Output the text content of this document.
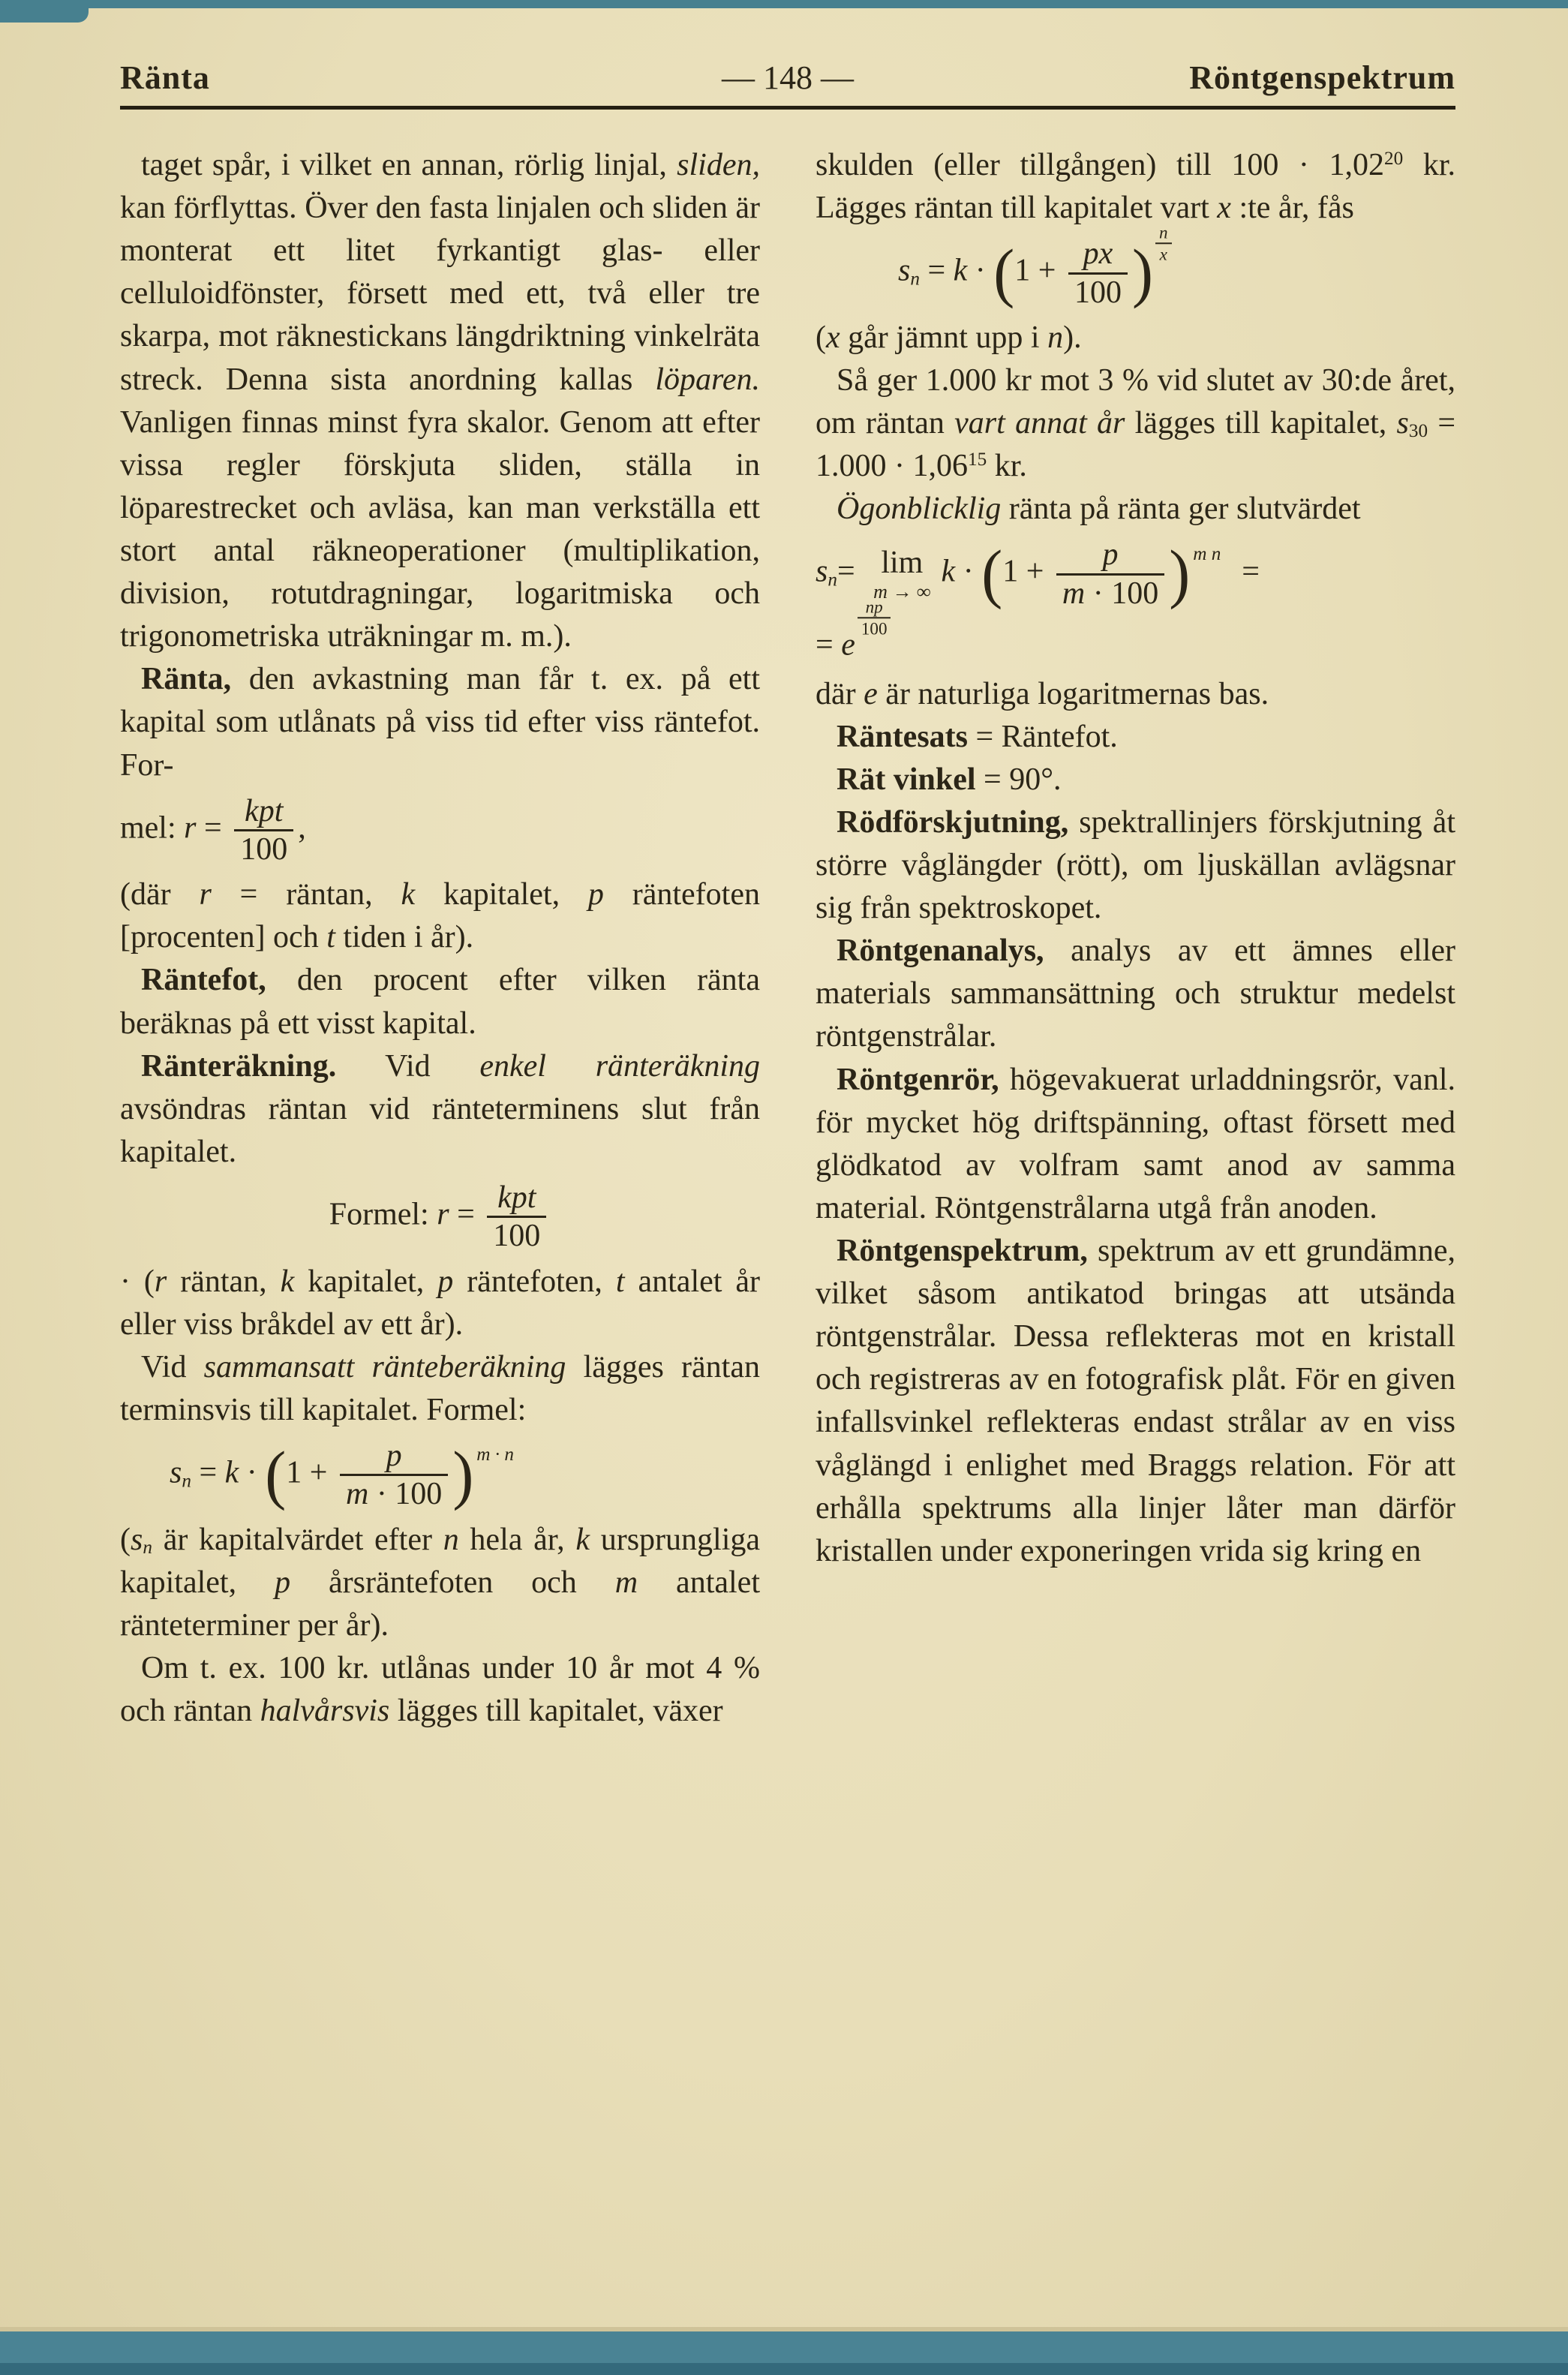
Ränta	— 148 —	Röntgenspektrum

taget spår, i vilket en annan, rörlig linjal, sliden, kan förflyttas. Över den fasta linjalen och sliden är monterat ett litet fyrkantigt glas- eller celluloidfönster, försett med ett, två eller tre skarpa, mot räknestickans längdriktning vinkelräta streck. Denna sista anordning kallas löparen. Vanligen finnas minst fyra skalor. Genom att efter vissa regler förskjuta sliden, ställa in löparestrecket och avläsa, kan man verkställa ett stort antal räkneoperationer (multiplikation, division, rotutdragningar, logaritmiska och trigonometriska uträkningar m. m.).

Ränta, den avkastning man får t. ex. på ett kapital som utlånats på viss tid efter viss räntefot. For-

mel: $r = \frac{\text{kpt}}{100}$ ,

(där r = räntan, k kapitalet, p räntefoten [procenten] och t tiden i år).

Räntefot, den procent efter vilken ränta beräknas på ett visst kapital.

Ränteräkning. Vid enkel ränteräkning avsöndras räntan vid ränteterminens slut från kapitalet.

Formel: $r = \frac{\text{kpt}}{100}$

· (r räntan, k kapitalet, p räntefoten, t antalet år eller viss bråkdel av ett år).

Vid sammansatt ränteberäkning lägges räntan terminsvis till kapitalet. Formel:

sn = $k \cdot (1 + \frac{p}{m \cdot 100}$ ) m · n

(sn är kapitalvärdet efter n hela år, k ursprungliga kapitalet, p årsräntefoten och m antalet ränteterminer per år).

Om t. ex. 100 kr. utlånas under 10 år mot 4 % och räntan halvårsvis lägges till kapitalet, växer

skulden (eller tillgången) till $100 \cdot 1,02^{20}$ kr. Lägges räntan till kapitalet vart x :te år, fås

sn = $k \cdot (1 + \frac{px}{100}$ ) $\frac{n}{x}$

(x går jämnt upp i n).

Så ger 1.000 kr mot 3 % vid slutet av 30:de året, om räntan vart annat år lägges till kapitalet, $s_{30} = 1.000 \cdot 1,06^{15}$ kr.

Ögonblicklig ränta på ränta ger slutvärdet

sn= lim
m → ∞
$k \cdot (1 + \frac{p}{m \cdot 100}$ ) m n=
= e
$\frac{np}{100}$

där e är naturliga logaritmernas bas.

Räntesats = Räntefot.

Rät vinkel = 90°.

Rödförskjutning, spektrallinjers förskjutning åt större våglängder (rött), om ljuskällan avlägsnar sig från spektroskopet.

Röntgenanalys, analys av ett ämnes eller materials sammansättning och struktur medelst röntgenstrålar.

Röntgenrör, högevakuerat urladdningsrör, vanl. för mycket hög driftspänning, oftast försett med glödkatod av volfram samt anod av samma material. Röntgenstrålarna utgå från anoden.

Röntgenspektrum, spektrum av ett grundämne, vilket såsom antikatod bringas att utsända röntgenstrålar. Dessa reflekteras mot en kristall och registreras av en fotografisk plåt. För en given infallsvinkel reflekteras endast strålar av en viss våglängd i enlighet med Braggs relation. För att erhålla spektrums alla linjer låter man därför kristallen under exponeringen vrida sig kring en
